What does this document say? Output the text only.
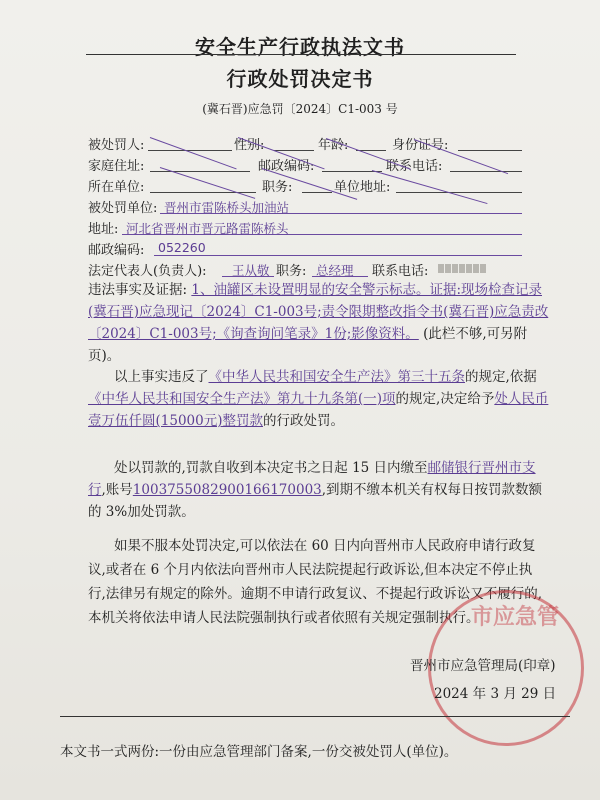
安全生产行政执法文书
行政处罚决定书
(冀石晋)应急罚〔2024〕C1-003 号
被处罚人:	性别:	年龄:	身份证号:
家庭住址:	邮政编码:	联系电话:
所在单位:	职务:	单位地址:
被处罚单位: 晋州市雷陈桥头加油站
地址: 河北省晋州市晋元路雷陈桥头
邮政编码: 052260
法定代表人(负责人): 王从敬 职务: 总经理 联系电话:
违法事实及证据: 1、油罐区未设置明显的安全警示标志。证据:现场检查记录(冀石晋)应急现记〔2024〕C1-003号;责令限期整改指令书(冀石晋)应急责改〔2024〕C1-003号;《询查询问笔录》1份;影像资料。 (此栏不够,可另附页)。
以上事实违反了《中华人民共和国安全生产法》第三十五条的规定,依据《中华人民共和国安全生产法》第九十九条第(一)项的规定,决定给予处人民币壹万伍仟圆(15000元)整罚款的行政处罚。
处以罚款的,罚款自收到本决定书之日起 15 日内缴至邮储银行晋州市支行,账号1003755082900166170003,到期不缴本机关有权每日按罚款数额的 3%加处罚款。
如果不服本处罚决定,可以依法在 60 日内向晋州市人民政府申请行政复议,或者在 6 个月内依法向晋州市人民法院提起行政诉讼,但本决定不停止执行,法律另有规定的除外。逾期不申请行政复议、不提起行政诉讼又不履行的,本机关将依法申请人民法院强制执行或者依照有关规定强制执行。
市应急管
晋州市应急管理局(印章)
2024 年 3 月 29 日
本文书一式两份:一份由应急管理部门备案,一份交被处罚人(单位)。
